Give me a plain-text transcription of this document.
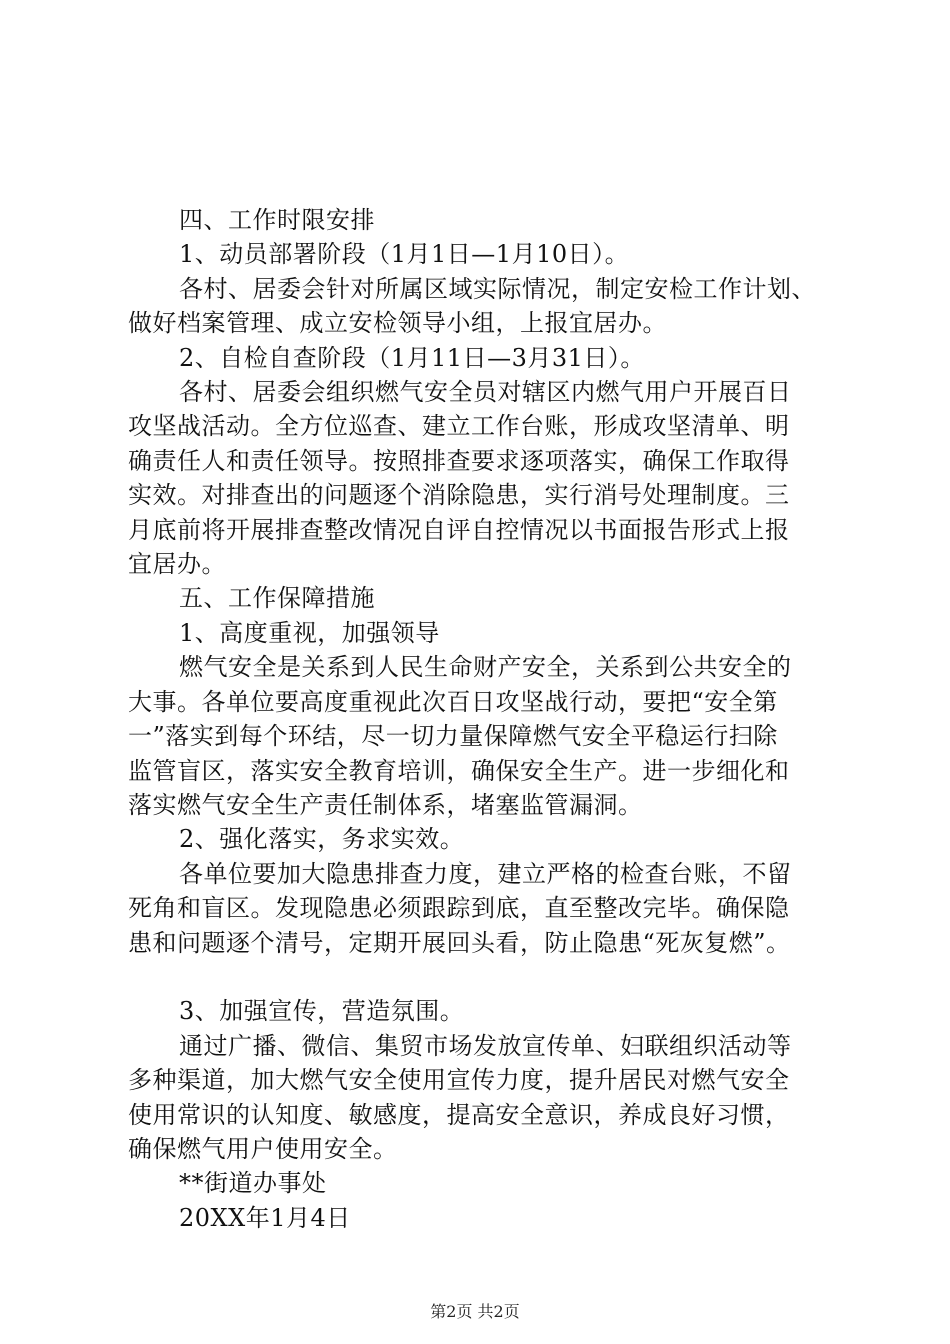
四、工作时限安排
1、动员部署阶段（1月1日—1月10日）。
各村、居委会针对所属区域实际情况，制定安检工作计划、
做好档案管理、成立安检领导小组，上报宜居办。
2、自检自查阶段（1月11日—3月31日）。
各村、居委会组织燃气安全员对辖区内燃气用户开展百日
攻坚战活动。全方位巡查、建立工作台账，形成攻坚清单、明
确责任人和责任领导。按照排查要求逐项落实，确保工作取得
实效。对排查出的问题逐个消除隐患，实行消号处理制度。三
月底前将开展排查整改情况自评自控情况以书面报告形式上报
宜居办。
五、工作保障措施
1、高度重视，加强领导
燃气安全是关系到人民生命财产安全，关系到公共安全的
大事。各单位要高度重视此次百日攻坚战行动，要把“安全第
一”落实到每个环结，尽一切力量保障燃气安全平稳运行扫除
监管盲区，落实安全教育培训，确保安全生产。进一步细化和
落实燃气安全生产责任制体系，堵塞监管漏洞。
2、强化落实，务求实效。
各单位要加大隐患排查力度，建立严格的检查台账，不留
死角和盲区。发现隐患必须跟踪到底，直至整改完毕。确保隐
患和问题逐个清号，定期开展回头看，防止隐患“死灰复燃”。

3、加强宣传，营造氛围。
通过广播、微信、集贸市场发放宣传单、妇联组织活动等
多种渠道，加大燃气安全使用宣传力度，提升居民对燃气安全
使用常识的认知度、敏感度，提高安全意识，养成良好习惯，
确保燃气用户使用安全。
**街道办事处
20XX年1月4日
第2页 共2页
